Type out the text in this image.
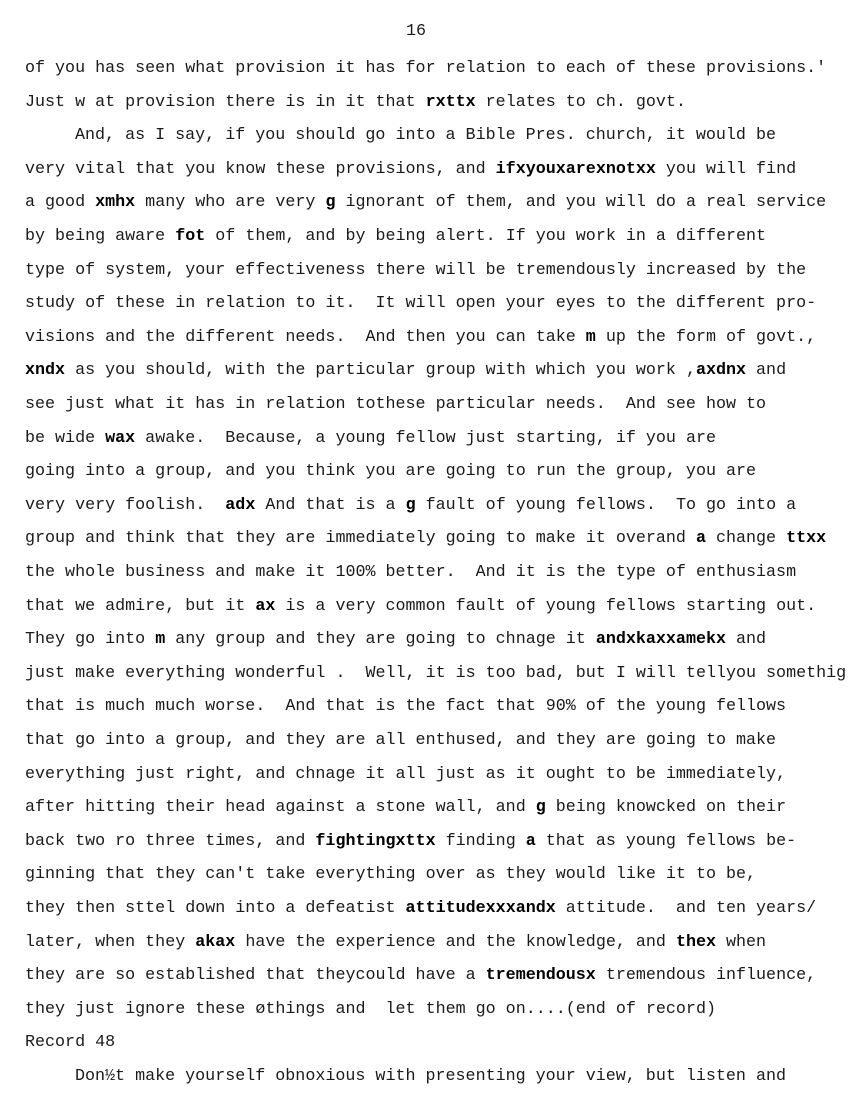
16
of you has seen what provision it has for relation to each of these provisions.'
Just w at provision there is in it that rxttx relates to ch. govt.
And, as I say, if you should go into a Bible Pres. church, it would be
very vital that you know these provisions, and ifxyouxarexnotxx you will find
a good xmhx many who are very g ignorant of them, and you will do a real service
by being aware fot of them, and by being alert. If you work in a different
type of system, your effectiveness there will be tremendously increased by the
study of these in relation to it.  It will open your eyes to the different pro-
visions and the different needs.  And then you can take m up the form of govt.,
xndx as you should, with the particular group with which you work ,axdnx and
see just what it has in relation tothese particular needs.  And see how to
be wide wax awake.  Because, a young fellow just starting, if you are
going into a group, and you think you are going to run the group, you are
very very foolish.  adx And that is a g fault of young fellows.  To go into a
group and think that they are immediately going to make it overand a change ttxx
the whole business and make it 100% better.  And it is the type of enthusiasm
that we admire, but it ax is a very common fault of young fellows starting out.
They go into m any group and they are going to chnage it andxkaxxamekx and
just make everything wonderful .  Well, it is too bad, but I will tellyou somethig
that is much much worse.  And that is the fact that 90% of the young fellows
that go into a group, and they are all enthused, and they are going to make
everything just right, and chnage it all just as it ought to be immediately,
after hitting their head against a stone wall, and g being knowcked on their
back two ro three times, and fightingxttx finding a that as young fellows be-
ginning that they can't take everything over as they would like it to be,
they then sttel down into a defeatist attitudexxxandx attitude.  and ten years/
later, when they akax have the experience and the knowledge, and thex when
they are so established that theycould have a tremendousx tremendous influence,
they just ignore these øthings and  let them go on....(end of record)
Record 48
Don½t make yourself obnoxious with presenting your view, but listen and
